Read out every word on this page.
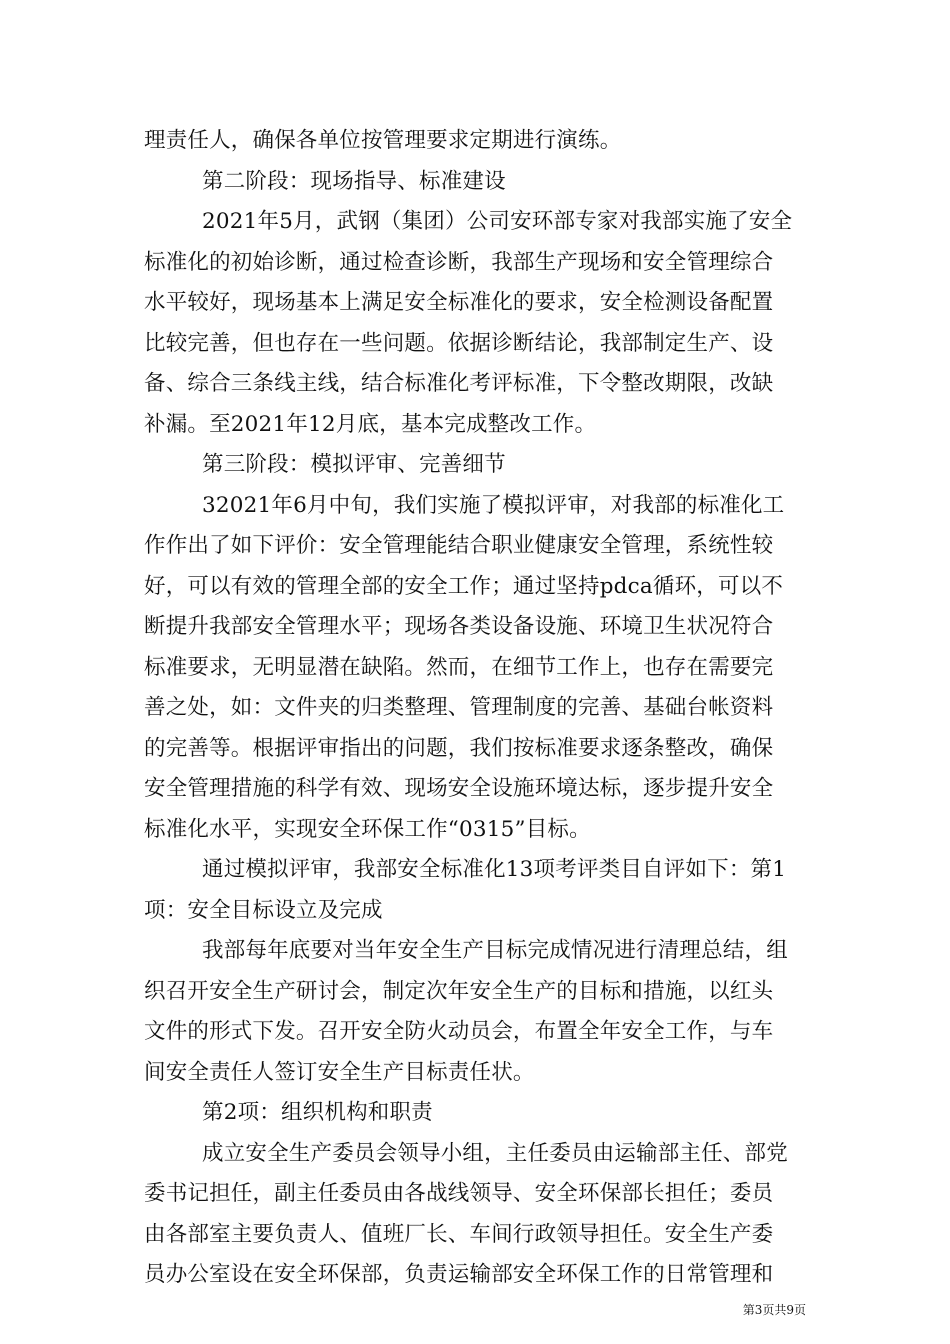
理责任人，确保各单位按管理要求定期进行演练。
第二阶段：现场指导、标准建设
2021年5月，武钢（集团）公司安环部专家对我部实施了安全
标准化的初始诊断，通过检查诊断，我部生产现场和安全管理综合
水平较好，现场基本上满足安全标准化的要求，安全检测设备配置
比较完善，但也存在一些问题。依据诊断结论，我部制定生产、设
备、综合三条线主线，结合标准化考评标准，下令整改期限，改缺
补漏。至2021年12月底，基本完成整改工作。
第三阶段：模拟评审、完善细节
32021年6月中旬，我们实施了模拟评审，对我部的标准化工
作作出了如下评价：安全管理能结合职业健康安全管理，系统性较
好，可以有效的管理全部的安全工作；通过坚持pdca循环，可以不
断提升我部安全管理水平；现场各类设备设施、环境卫生状况符合
标准要求，无明显潜在缺陷。然而，在细节工作上，也存在需要完
善之处，如：文件夹的归类整理、管理制度的完善、基础台帐资料
的完善等。根据评审指出的问题，我们按标准要求逐条整改，确保
安全管理措施的科学有效、现场安全设施环境达标，逐步提升安全
标准化水平，实现安全环保工作“0315”目标。
通过模拟评审，我部安全标准化13项考评类目自评如下：第1
项：安全目标设立及完成
我部每年底要对当年安全生产目标完成情况进行清理总结，组
织召开安全生产研讨会，制定次年安全生产的目标和措施，以红头
文件的形式下发。召开安全防火动员会，布置全年安全工作，与车
间安全责任人签订安全生产目标责任状。
第2项：组织机构和职责
成立安全生产委员会领导小组，主任委员由运输部主任、部党
委书记担任，副主任委员由各战线领导、安全环保部长担任；委员
由各部室主要负责人、值班厂长、车间行政领导担任。安全生产委
员办公室设在安全环保部，负责运输部安全环保工作的日常管理和
第3页共9页
